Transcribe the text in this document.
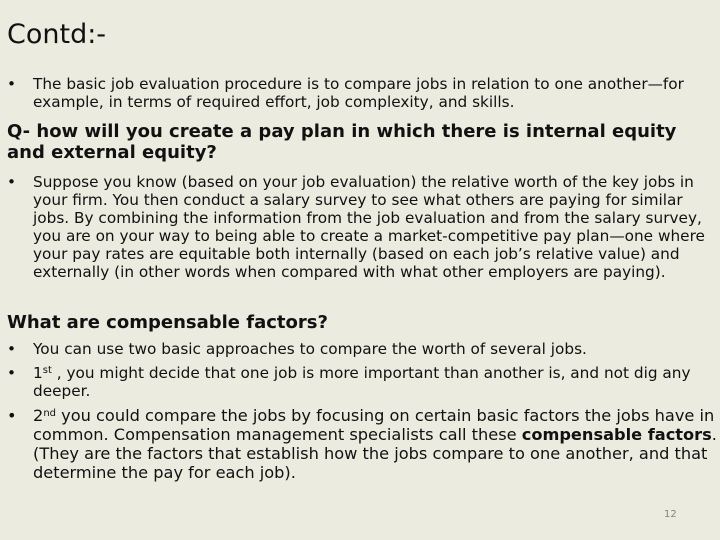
Contd:-
•	The basic job evaluation procedure is to compare jobs in relation to one another—for example, in terms of required effort, job complexity, and skills.
Q- how will you create a pay plan in which there is internal equity and external equity?
•	Suppose you know (based on your job evaluation) the relative worth of the key jobs in your firm. You then conduct a salary survey to see what others are paying for similar jobs. By combining the information from the job evaluation and from the salary survey, you are on your way to being able to create a market-competitive pay plan—one where your pay rates are equitable both internally (based on each job’s relative value) and externally (in other words when compared with what other employers are paying).
What are compensable factors?
•	You can use two basic approaches to compare the worth of several jobs.
•	1st , you might decide that one job is more important than another is, and not dig any deeper.
•	2nd you could compare the jobs by focusing on certain basic factors the jobs have in common. Compensation management specialists call these compensable factors. (They are the factors that establish how the jobs compare to one another, and that determine the pay for each job).
12
